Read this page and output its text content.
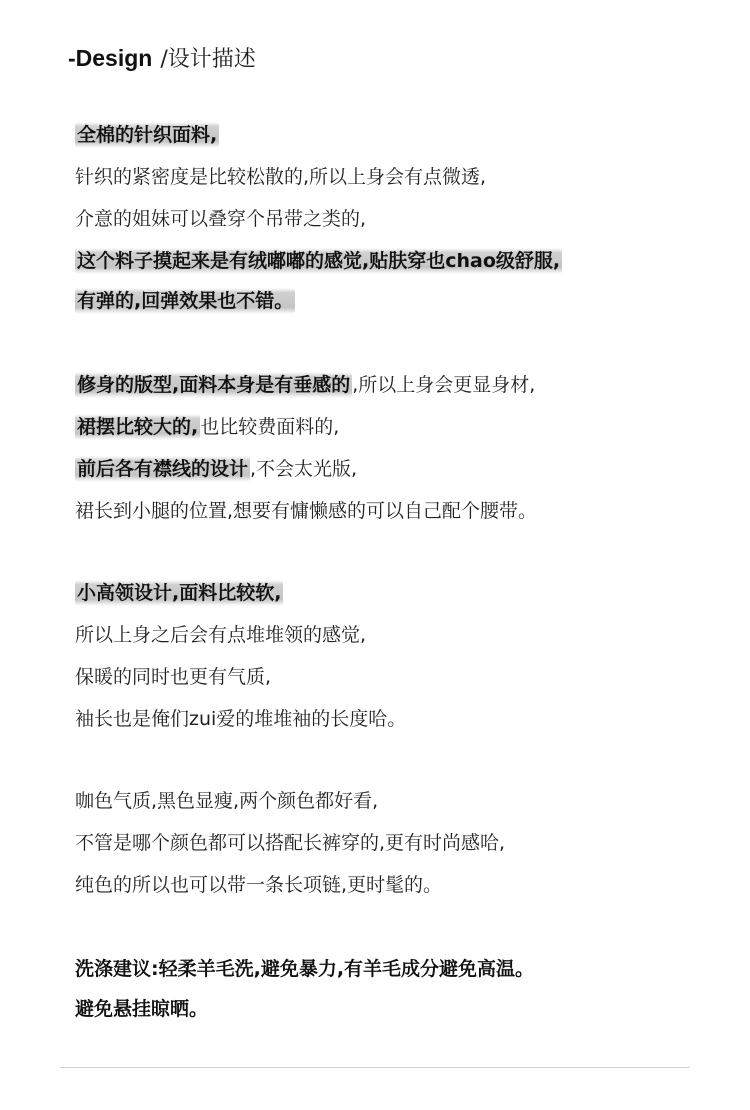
-Design /设计描述
全棉的针织面料,
针织的紧密度是比较松散的,所以上身会有点微透,
介意的姐妹可以叠穿个吊带之类的,
这个料子摸起来是有绒嘟嘟的感觉,贴肤穿也chao级舒服,
有弹的,回弹效果也不错。
修身的版型,面料本身是有垂感的 ,所以上身会更显身材,
裙摆比较大的, 也比较费面料的,
前后各有襟线的设计 ,不会太光版,
裙长到小腿的位置,想要有慵懒感的可以自己配个腰带。
小高领设计,面料比较软,
所以上身之后会有点堆堆领的感觉,
保暖的同时也更有气质,
袖长也是俺们zui爱的堆堆袖的长度哈。
咖色气质,黑色显瘦,两个颜色都好看,
不管是哪个颜色都可以搭配长裤穿的,更有时尚感哈,
纯色的所以也可以带一条长项链,更时髦的。
洗涤建议:轻柔羊毛洗,避免暴力,有羊毛成分避免高温。
避免悬挂晾晒。
